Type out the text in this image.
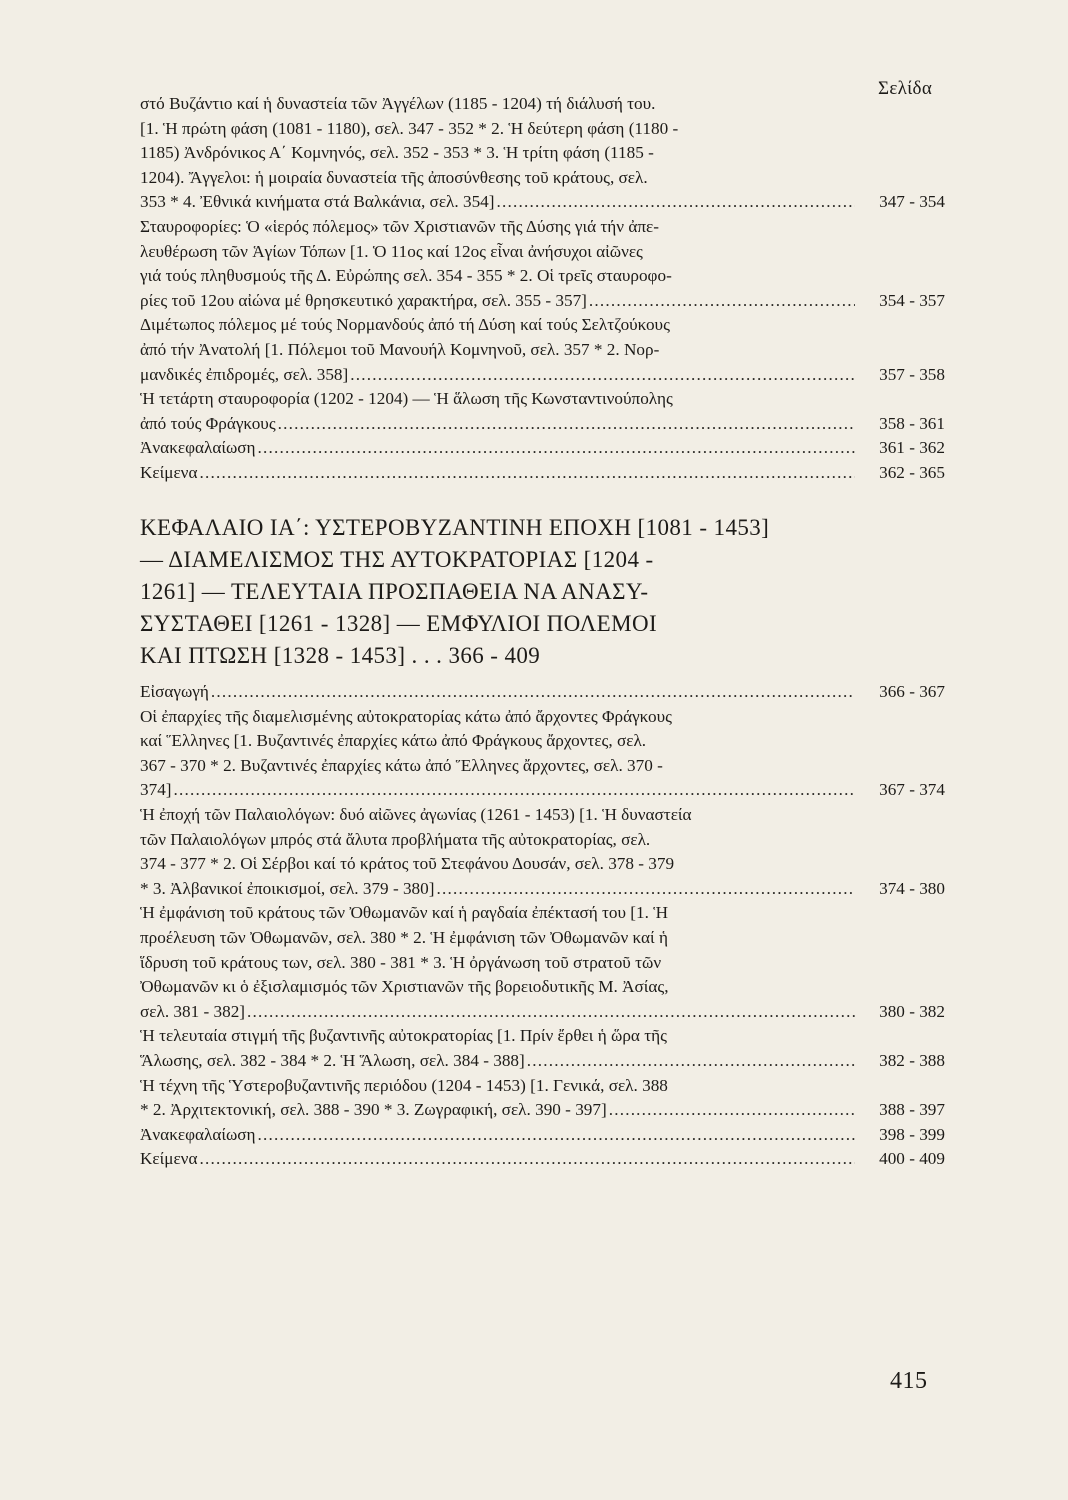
Σελίδα
στό Βυζάντιο καί ἡ δυναστεία τῶν Ἀγγέλων (1185 - 1204) τή διάλυσή του.
[1. Ἡ πρώτη φάση (1081 - 1180), σελ. 347 - 352 * 2. Ἡ δεύτερη φάση (1180 -
1185) Ἀνδρόνικος Α΄ Κομνηνός, σελ. 352 - 353 * 3. Ἡ τρίτη φάση (1185 -
1204). Ἄγγελοι: ἡ μοιραία δυναστεία τῆς ἀποσύνθεσης τοῦ κράτους, σελ.
353 * 4. Ἐθνικά κινήματα στά Βαλκάνια, σελ. 354] .....	347 - 354
Σταυροφορίες: Ὁ «ἱερός πόλεμος» τῶν Χριστιανῶν τῆς Δύσης γιά τήν ἀπε-
λευθέρωση τῶν Ἁγίων Τόπων [1. Ὁ 11ος καί 12ος εἶναι ἀνήσυχοι αἰῶνες
γιά τούς πληθυσμούς τῆς Δ. Εὐρώπης σελ. 354 - 355 * 2. Οἱ τρεῖς σταυροφο-
ρίες τοῦ 12ου αἰώνα μέ θρησκευτικό χαρακτήρα, σελ. 355 - 357] .....	354 - 357
Διμέτωπος πόλεμος μέ τούς Νορμανδούς ἀπό τή Δύση καί τούς Σελτζούκους
ἀπό τήν Ἀνατολή [1. Πόλεμοι τοῦ Μανουήλ Κομνηνοῦ, σελ. 357 * 2. Νορ-
μανδικές ἐπιδρομές, σελ. 358] .....	357 - 358
Ἡ τετάρτη σταυροφορία (1202 - 1204) — Ἡ ἅλωση τῆς Κωνσταντινούπολης
ἀπό τούς Φράγκους .....	358 - 361
Ἀνακεφαλαίωση .....	361 - 362
Κείμενα .....	362 - 365
ΚΕΦΑΛΑΙΟ ΙΑ΄: ΥΣΤΕΡΟΒΥΖΑΝΤΙΝΗ ΕΠΟΧΗ [1081 - 1453]
— ΔΙΑΜΕΛΙΣΜΟΣ ΤΗΣ ΑΥΤΟΚΡΑΤΟΡΙΑΣ [1204 -
1261] — ΤΕΛΕΥΤΑΙΑ ΠΡΟΣΠΑΘΕΙΑ ΝΑ ΑΝΑΣΥ-
ΣΥΣΤΑΘΕΙ [1261 - 1328] — ΕΜΦΥΛΙΟΙ ΠΟΛΕΜΟΙ
ΚΑΙ ΠΤΩΣΗ [1328 - 1453] . . . 366 - 409
Εἰσαγωγή .....	366 - 367
Οἱ ἐπαρχίες τῆς διαμελισμένης αὐτοκρατορίας κάτω ἀπό ἄρχοντες Φράγκους
καί Ἕλληνες [1. Βυζαντινές ἐπαρχίες κάτω ἀπό Φράγκους ἄρχοντες, σελ.
367 - 370 * 2. Βυζαντινές ἐπαρχίες κάτω ἀπό Ἕλληνες ἄρχοντες, σελ. 370 -
374] .....	367 - 374
Ἡ ἐποχή τῶν Παλαιολόγων: δυό αἰῶνες ἀγωνίας (1261 - 1453) [1. Ἡ δυναστεία
τῶν Παλαιολόγων μπρός στά ἄλυτα προβλήματα τῆς αὐτοκρατορίας, σελ.
374 - 377 * 2. Οἱ Σέρβοι καί τό κράτος τοῦ Στεφάνου Δουσάν, σελ. 378 - 379
* 3. Ἀλβανικοί ἐποικισμοί, σελ. 379 - 380] .....	374 - 380
Ἡ ἐμφάνιση τοῦ κράτους τῶν Ὀθωμανῶν καί ἡ ραγδαία ἐπέκτασή του [1. Ἡ
προέλευση τῶν Ὀθωμανῶν, σελ. 380 * 2. Ἡ ἐμφάνιση τῶν Ὀθωμανῶν καί ἡ
ἵδρυση τοῦ κράτους των, σελ. 380 - 381 * 3. Ἡ ὀργάνωση τοῦ στρατοῦ τῶν
Ὀθωμανῶν κι ὁ ἐξισλαμισμός τῶν Χριστιανῶν τῆς βορειοδυτικῆς Μ. Ἀσίας,
σελ. 381 - 382] .....	380 - 382
Ἡ τελευταία στιγμή τῆς βυζαντινῆς αὐτοκρατορίας [1. Πρίν ἔρθει ἡ ὥρα τῆς
Ἅλωσης, σελ. 382 - 384 * 2. Ἡ Ἅλωση, σελ. 384 - 388] .....	382 - 388
Ἡ τέχνη τῆς Ὑστεροβυζαντινῆς περιόδου (1204 - 1453) [1. Γενικά, σελ. 388
* 2. Ἀρχιτεκτονική, σελ. 388 - 390 * 3. Ζωγραφική, σελ. 390 - 397] .....	388 - 397
Ἀνακεφαλαίωση .....	398 - 399
Κείμενα .....	400 - 409
415
